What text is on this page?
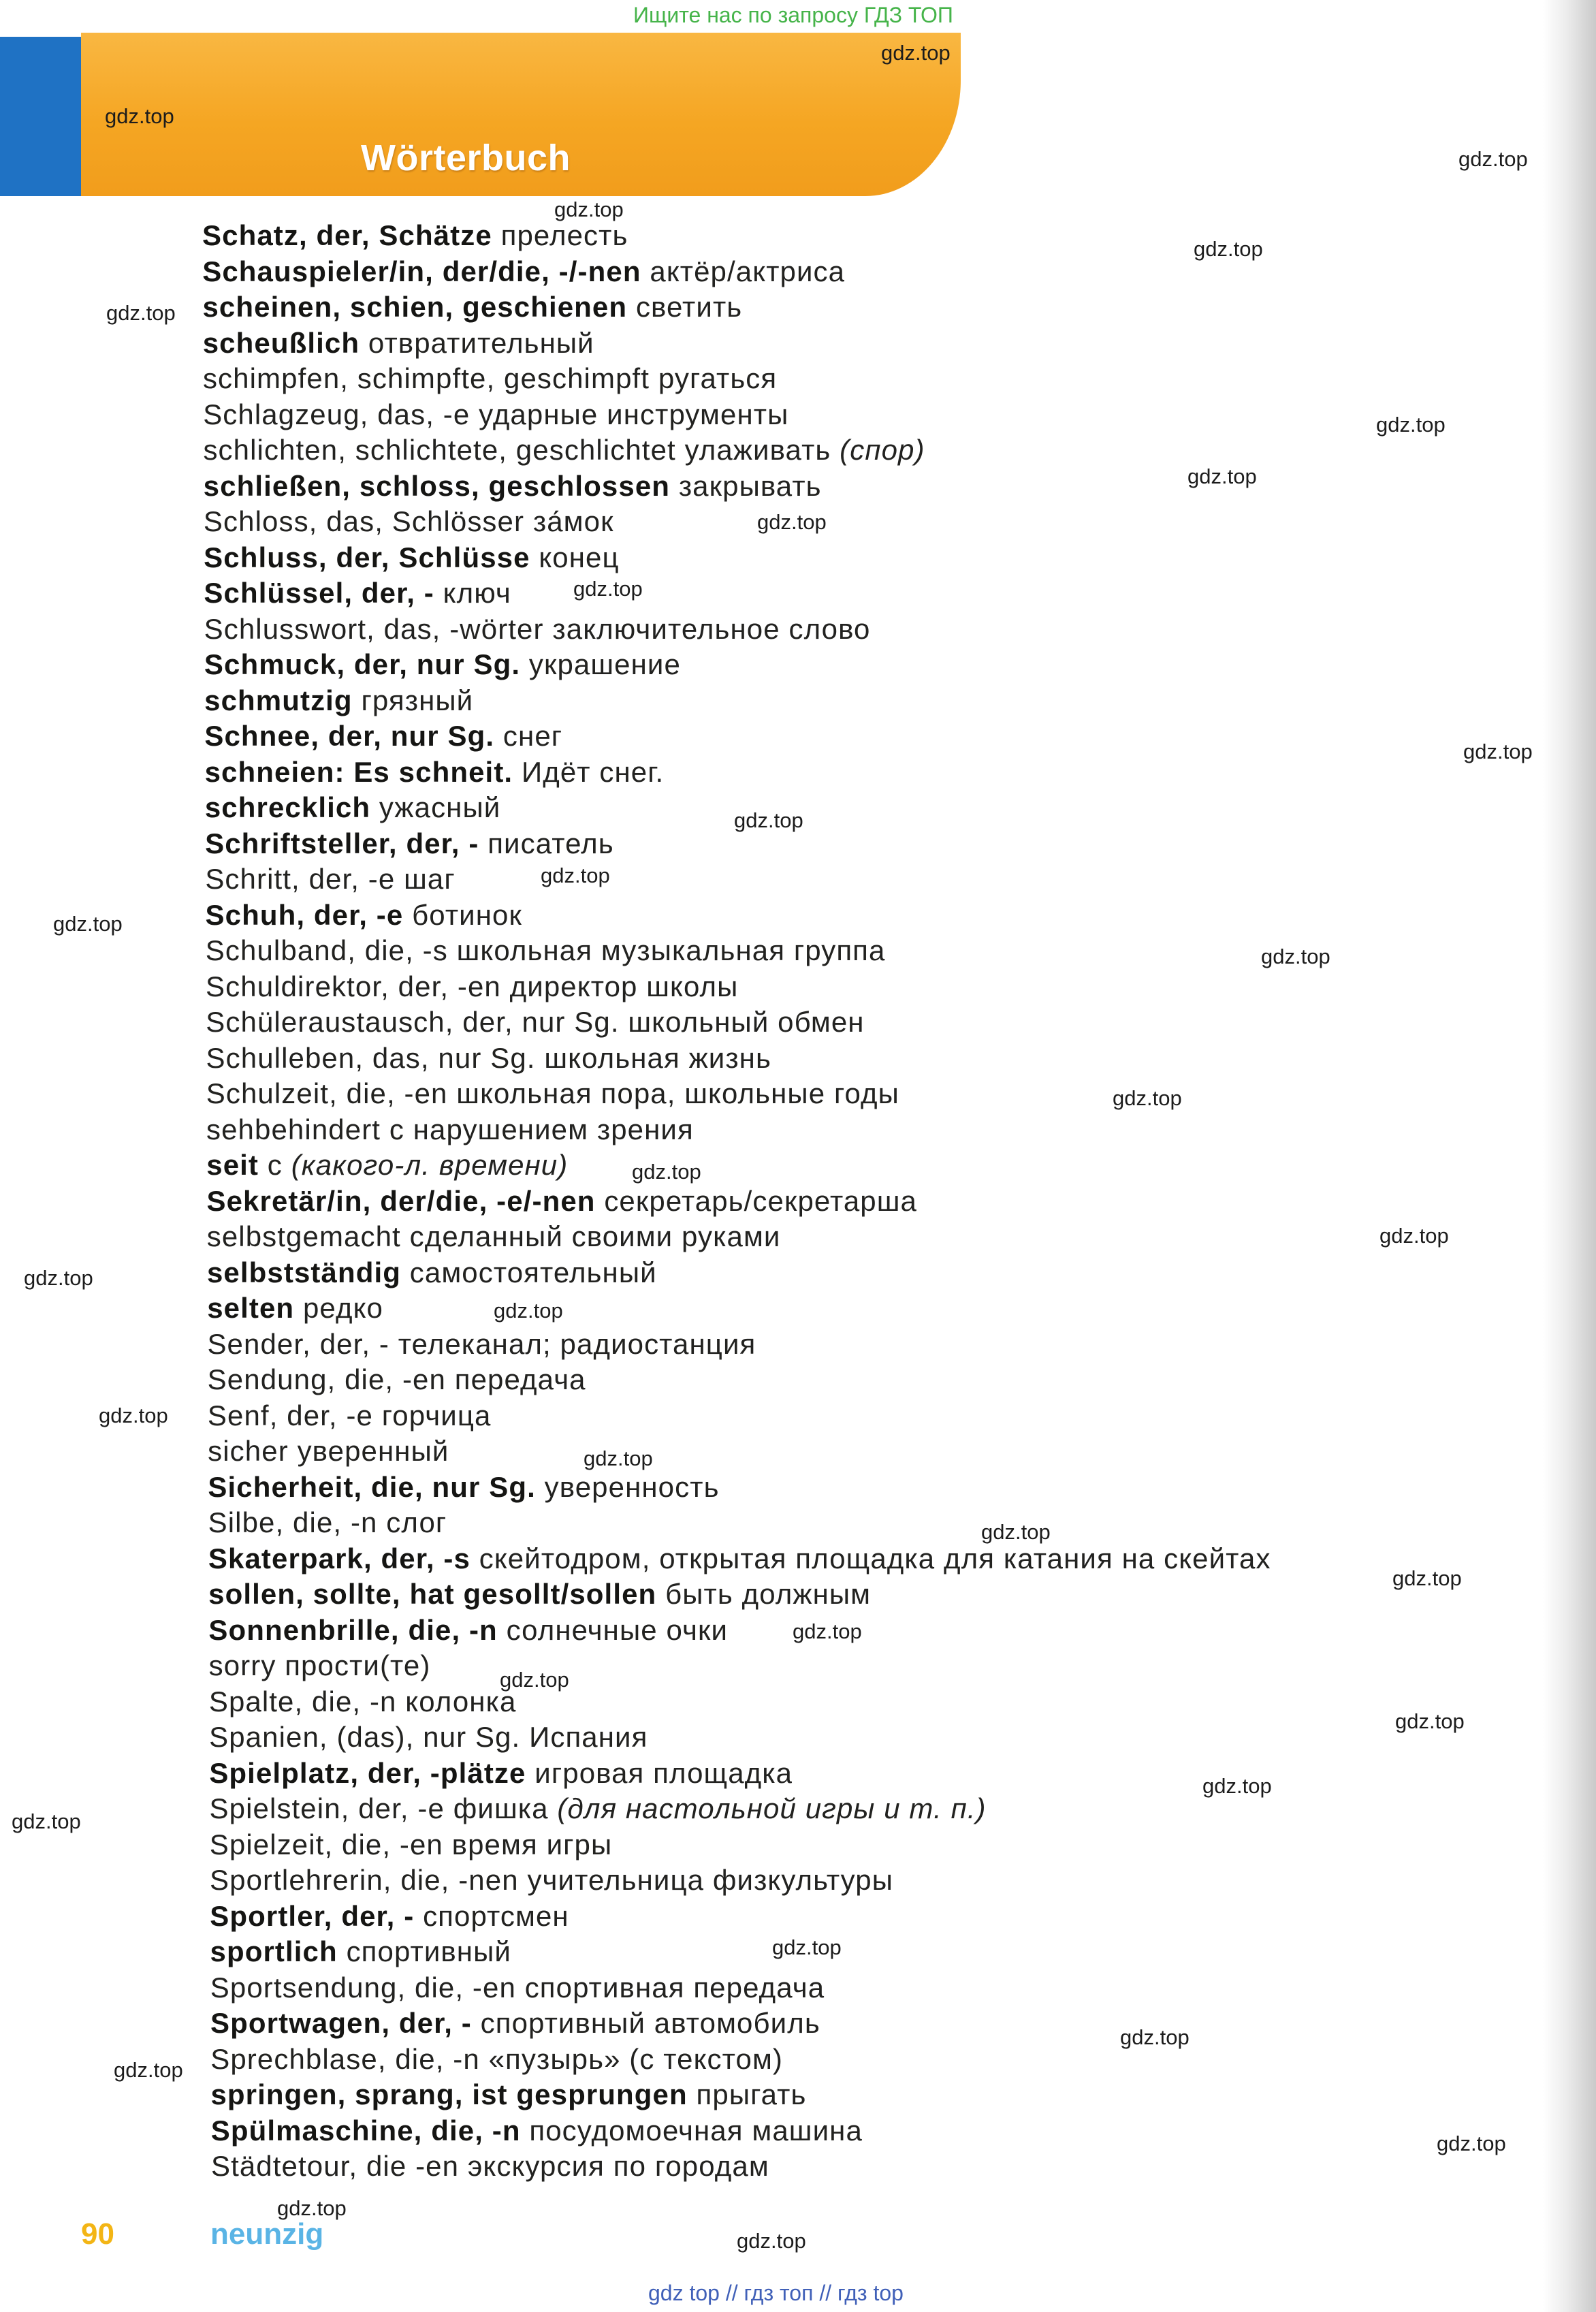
Ищите нас по запросу ГДЗ ТОП
Wörterbuch
Schatz, der, Schätze прелесть
Schauspieler/in, der/die, -/-nen актёр/актриса
scheinen, schien, geschienen светить
scheußlich отвратительный
schimpfen, schimpfte, geschimpft ругаться
Schlagzeug, das, -e ударные инструменты
schlichten, schlichtete, geschlichtet улаживать (спор)
schließen, schloss, geschlossen закрывать
Schloss, das, Schlösser за́мок
Schluss, der, Schlüsse конец
Schlüssel, der, - ключ
Schlusswort, das, -wörter заключительное слово
Schmuck, der, nur Sg. украшение
schmutzig грязный
Schnee, der, nur Sg. снег
schneien: Es schneit. Идёт снег.
schrecklich ужасный
Schriftsteller, der, - писатель
Schritt, der, -e шаг
Schuh, der, -e ботинок
Schulband, die, -s школьная музыкальная группа
Schuldirektor, der, -en директор школы
Schüleraustausch, der, nur Sg. школьный обмен
Schulleben, das, nur Sg. школьная жизнь
Schulzeit, die, -en школьная пора, школьные годы
sehbehindert с нарушением зрения
seit с (какого-л. времени)
Sekretär/in, der/die, -e/-nen секретарь/секретарша
selbstgemacht сделанный своими руками
selbstständig самостоятельный
selten редко
Sender, der, - телеканал; радиостанция
Sendung, die, -en передача
Senf, der, -e горчица
sicher уверенный
Sicherheit, die, nur Sg. уверенность
Silbe, die, -n слог
Skaterpark, der, -s скейтодром, открытая площадка для катания на скейтах
sollen, sollte, hat gesollt/sollen быть должным
Sonnenbrille, die, -n солнечные очки
sorry прости(те)
Spalte, die, -n колонка
Spanien, (das), nur Sg. Испания
Spielplatz, der, -plätze игровая площадка
Spielstein, der, -e фишка (для настольной игры и т. п.)
Spielzeit, die, -en время игры
Sportlehrerin, die, -nen учительница физкультуры
Sportler, der, - спортсмен
sportlich спортивный
Sportsendung, die, -en спортивная передача
Sportwagen, der, - спортивный автомобиль
Sprechblase, die, -n «пузырь» (с текстом)
springen, sprang, ist gesprungen прыгать
Spülmaschine, die, -n посудомоечная машина
Städtetour, die -en экскурсия по городам
gdz.top
gdz.top
gdz.top
gdz.top
gdz.top
gdz.top
gdz.top
gdz.top
gdz.top
gdz.top
gdz.top
gdz.top
gdz.top
gdz.top
gdz.top
gdz.top
gdz.top
gdz.top
gdz.top
gdz.top
gdz.top
gdz.top
gdz.top
gdz.top
gdz.top
gdz.top
gdz.top
gdz.top
gdz.top
gdz.top
gdz.top
gdz.top
gdz.top
gdz.top
gdz.top
90	neunzig
gdz top // гдз топ // гдз top
